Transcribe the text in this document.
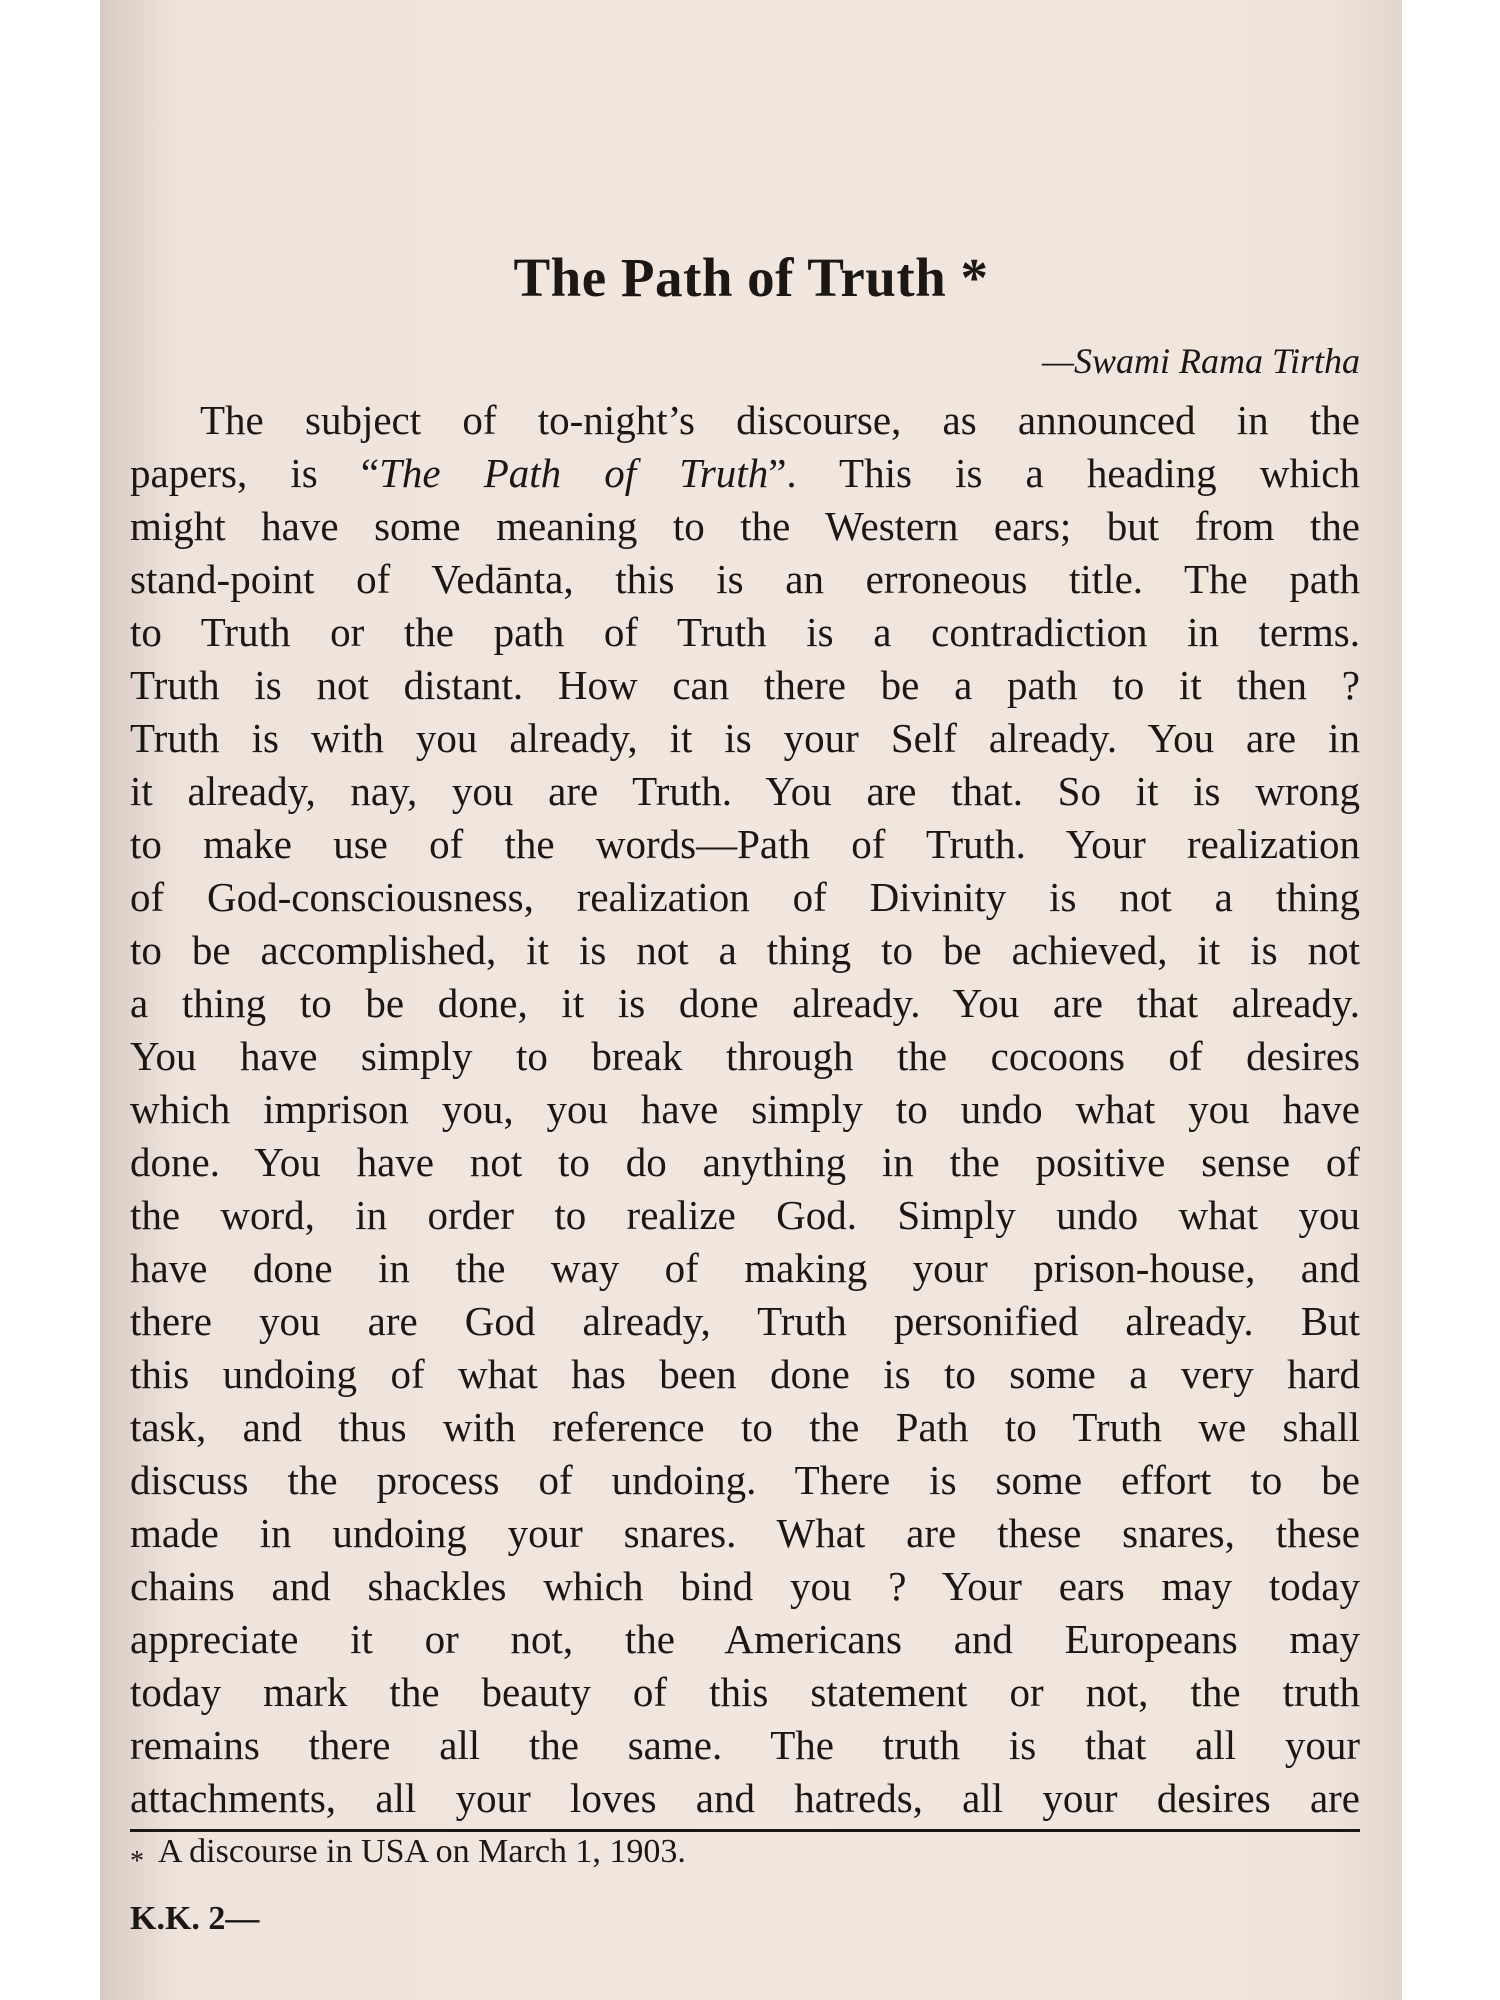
The Path of Truth *

—Swami Rama Tirtha

The subject of to-night’s discourse, as announced in the
papers, is “The Path of Truth”. This is a heading which
might have some meaning to the Western ears; but from the
stand-point of Vedānta, this is an erroneous title. The path
to Truth or the path of Truth is a contradiction in terms.
Truth is not distant. How can there be a path to it then ?
Truth is with you already, it is your Self already. You are in
it already, nay, you are Truth. You are that. So it is wrong
to make use of the words—Path of Truth. Your realization
of God-consciousness, realization of Divinity is not a thing
to be accomplished, it is not a thing to be achieved, it is not
a thing to be done, it is done already. You are that already.
You have simply to break through the cocoons of desires
which imprison you, you have simply to undo what you have
done. You have not to do anything in the positive sense of
the word, in order to realize God. Simply undo what you
have done in the way of making your prison-house, and
there you are God already, Truth personified already. But
this undoing of what has been done is to some a very hard
task, and thus with reference to the Path to Truth we shall
discuss the process of undoing. There is some effort to be
made in undoing your snares. What are these snares, these
chains and shackles which bind you ? Your ears may today
appreciate it or not, the Americans and Europeans may
today mark the beauty of this statement or not, the truth
remains there all the same. The truth is that all your
attachments, all your loves and hatreds, all your desires are

$_*$ A discourse in USA on March 1, 1903.

K.K. 2—
